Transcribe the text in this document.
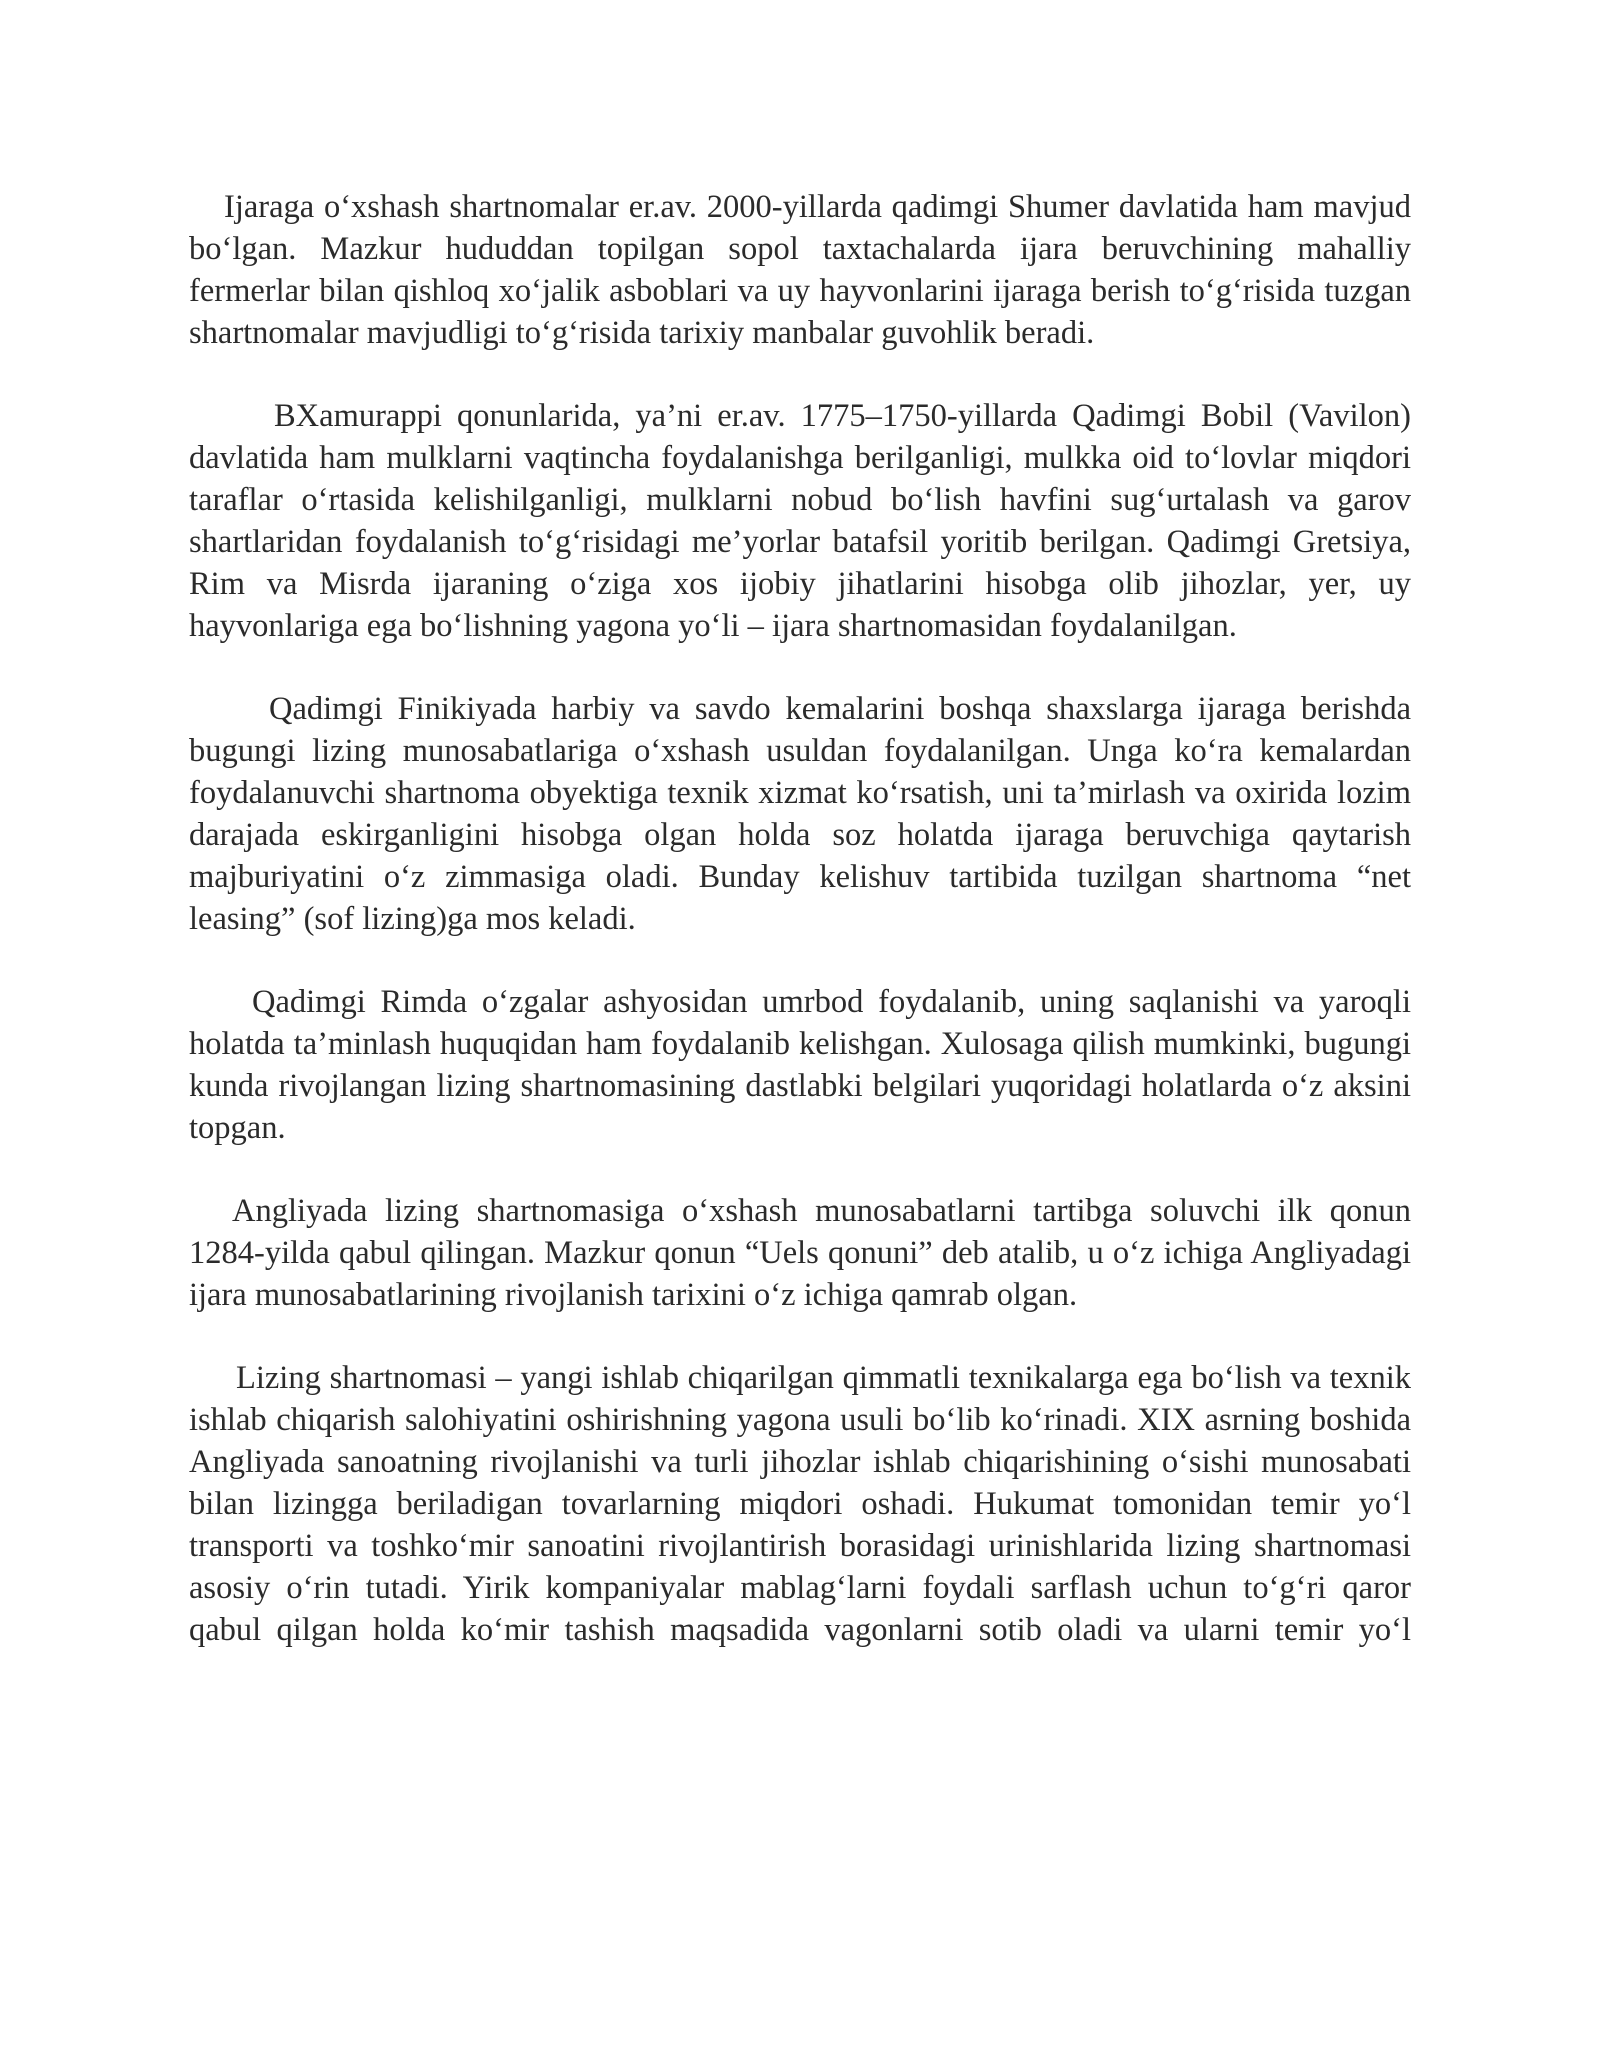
Ijaraga o‘xshash shartnomalar er.av. 2000-yillarda qadimgi Shumer davlatida ham mavjud bo‘lgan. Mazkur hududdan topilgan sopol taxtachalarda ijara beruvchining mahalliy fermerlar bilan qishloq xo‘jalik asboblari va uy hayvonlarini ijaraga berish to‘g‘risida tuzgan shartnomalar mavjudligi to‘g‘risida tarixiy manbalar guvohlik beradi.

BXamurappi qonunlarida, ya’ni er.av. 1775–1750-yillarda Qadimgi Bobil (Vavilon) davlatida ham mulklarni vaqtincha foydalanishga berilganligi, mulkka oid to‘lovlar miqdori taraflar o‘rtasida kelishilganligi, mulklarni nobud bo‘lish havfini sug‘urtalash va garov shartlaridan foydalanish to‘g‘risidagi me’yorlar batafsil yoritib berilgan. Qadimgi Gretsiya, Rim va Misrda ijaraning o‘ziga xos ijobiy jihatlarini hisobga olib jihozlar, yer, uy hayvonlariga ega bo‘lishning yagona yo‘li – ijara shartnomasidan foydalanilgan.

Qadimgi Finikiyada harbiy va savdo kemalarini boshqa shaxslarga ijaraga berishda bugungi lizing munosabatlariga o‘xshash usuldan foydalanilgan. Unga ko‘ra kemalardan foydalanuvchi shartnoma obyektiga texnik xizmat ko‘rsatish, uni ta’mirlash va oxirida lozim darajada eskirganligini hisobga olgan holda soz holatda ijaraga beruvchiga qaytarish majburiyatini o‘z zimmasiga oladi. Bunday kelishuv tartibida tuzilgan shartnoma “net leasing” (sof lizing)ga mos keladi.

Qadimgi Rimda o‘zgalar ashyosidan umrbod foydalanib, uning saqlanishi va yaroqli holatda ta’minlash huquqidan ham foydalanib kelishgan. Xulosaga qilish mumkinki, bugungi kunda rivojlangan lizing shartnomasining dastlabki belgilari yuqoridagi holatlarda o‘z aksini topgan.

Angliyada lizing shartnomasiga o‘xshash munosabatlarni tartibga soluvchi ilk qonun 1284-yilda qabul qilingan. Mazkur qonun “Uels qonuni” deb atalib, u o‘z ichiga Angliyadagi ijara munosabatlarining rivojlanish tarixini o‘z ichiga qamrab olgan.

Lizing shartnomasi – yangi ishlab chiqarilgan qimmatli texnikalarga ega bo‘lish va texnik ishlab chiqarish salohiyatini oshirishning yagona usuli bo‘lib ko‘rinadi. XIX asrning boshida Angliyada sanoatning rivojlanishi va turli jihozlar ishlab chiqarishining o‘sishi munosabati bilan lizingga beriladigan tovarlarning miqdori oshadi. Hukumat tomonidan temir yo‘l transporti va toshko‘mir sanoatini rivojlantirish borasidagi urinishlarida lizing shartnomasi asosiy o‘rin tutadi. Yirik kompaniyalar mablag‘larni foydali sarflash uchun to‘g‘ri qaror qabul qilgan holda ko‘mir tashish maqsadida vagonlarni sotib oladi va ularni temir yo‘l
